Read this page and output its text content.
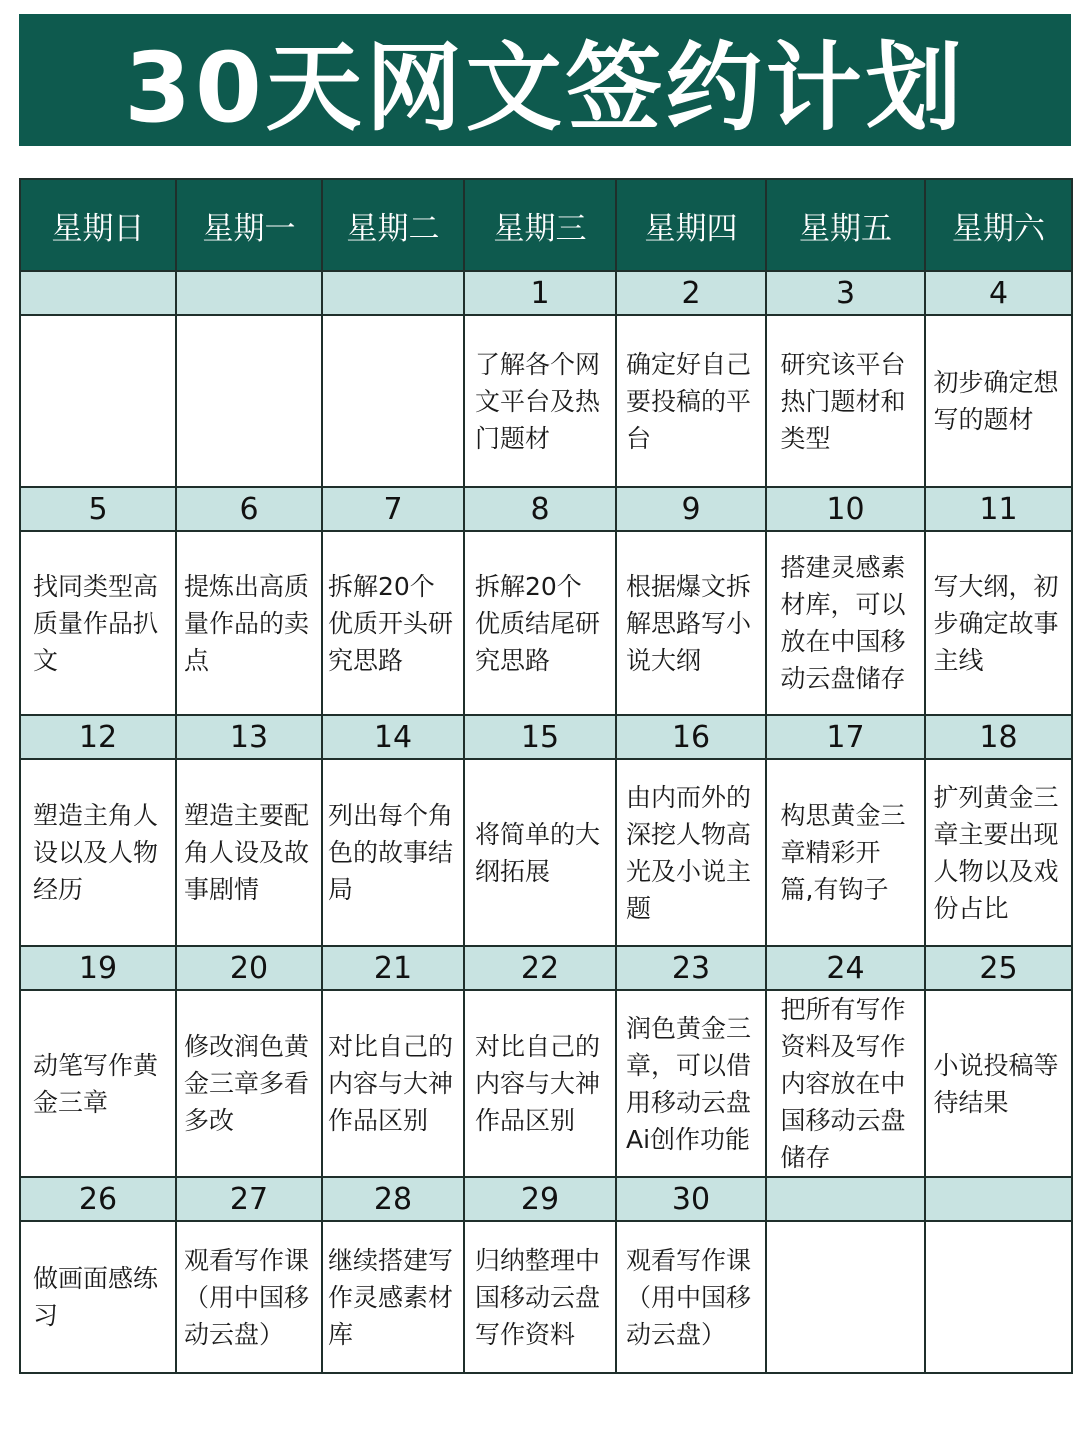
30天网文签约计划
星期日	星期一	星期二	星期三	星期四	星期五	星期六
			1	2	3	4

			了解各个网文平台及热门题材	确定好自己要投稿的平台	研究该平台热门题材和类型	初步确定想写的题材

5	6	7	8	9	10	11

找同类型高质量作品扒文	提炼出高质量作品的卖点	拆解20个优质开头研究思路	拆解20个优质结尾研究思路	根据爆文拆解思路写小说大纲	搭建灵感素材库，可以放在中国移动云盘储存	写大纲，初步确定故事主线

12	13	14	15	16	17	18

塑造主角人设以及人物经历	塑造主要配角人设及故事剧情	列出每个角色的故事结局	将简单的大纲拓展	由内而外的深挖人物高光及小说主题	构思黄金三章精彩开篇,有钩子	扩列黄金三章主要出现人物以及戏份占比

19	20	21	22	23	24	25

动笔写作黄金三章	修改润色黄金三章多看多改	对比自己的内容与大神作品区别	对比自己的内容与大神作品区别	润色黄金三章，可以借用移动云盘Ai创作功能	把所有写作资料及写作内容放在中国移动云盘储存	小说投稿等待结果

26	27	28	29	30		

做画面感练习	观看写作课（用中国移动云盘）	继续搭建写作灵感素材库	归纳整理中国移动云盘写作资料	观看写作课（用中国移动云盘）		
